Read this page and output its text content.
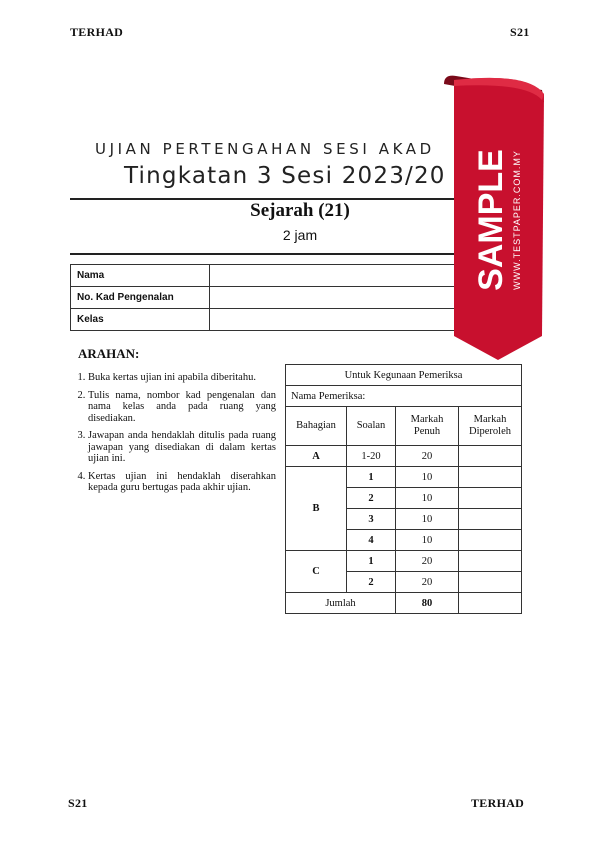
TERHAD	S21
UJIAN PERTENGAHAN SESI AKAD
Tingkatan 3 Sesi 2023/20
Sejarah (21)
2 jam
Nama	
No. Kad Pengenalan	
Kelas	
ARAHAN:
1. Buka kertas ujian ini apabila diberitahu.
2. Tulis nama, nombor kad pengenalan dan nama kelas anda pada ruang yang disediakan.
3. Jawapan anda hendaklah ditulis pada ruang jawapan yang disediakan di dalam kertas ujian ini.
4. Kertas ujian ini hendaklah diserahkan kepada guru bertugas pada akhir ujian.
Untuk Kegunaan Pemeriksa			
Nama Pemeriksa:			
Bahagian	Soalan	Markah Penuh	Markah Diperoleh
A	1-20	20	
B	1	10	
	2	10	
	3	10	
	4	10	
C	1	20	
	2	20	
Jumlah		80	
S21	TERHAD
SAMPLE WWW.TESTPAPER.COM.MY
